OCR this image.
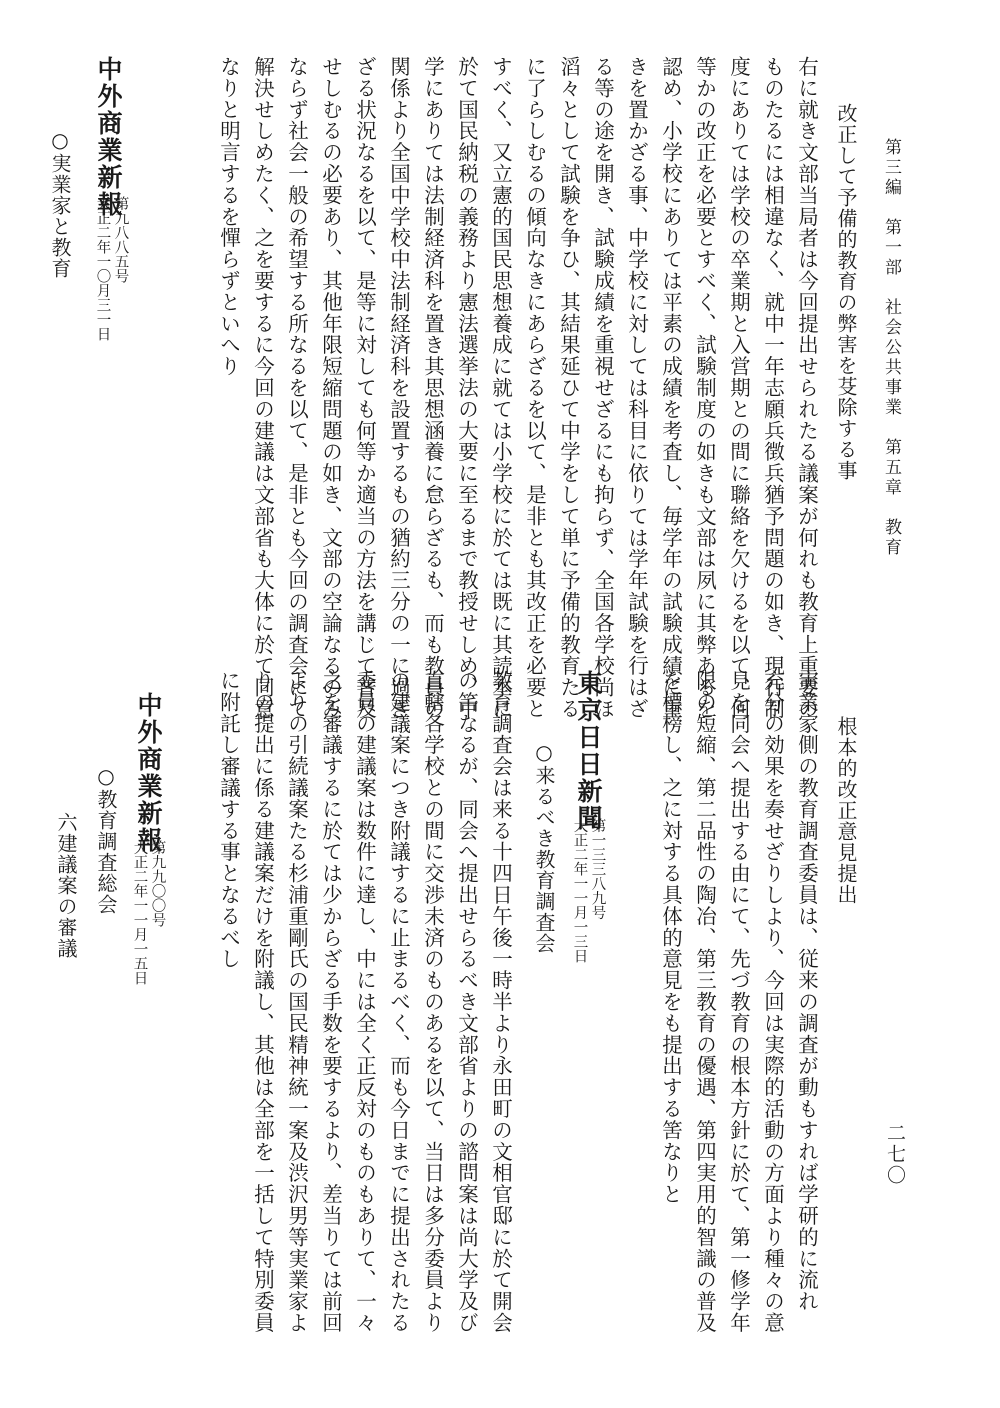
第三編　第一部　社会公共事業　第五章　教育
二七〇
改正して予備的教育の弊害を芟除する事
右に就き文部当局者は今回提出せられたる議案が何れも教育上重要の
ものたるには相違なく、就中一年志願兵徴兵猶予問題の如き、現行制
度にありては学校の卒業期と入営期との間に聯絡を欠けるを以て、何
等かの改正を必要とすべく、試験制度の如きも文部は夙に其弊あるを
認め、小学校にありては平素の成績を考査し、毎学年の試験成績に重
きを置かざる事、中学校に対しては科目に依りては学年試験を行はざ
る等の途を開き、試験成績を重視せざるにも拘らず、全国各学校尚ほ
滔々として試験を争ひ、其結果延ひて中学をして単に予備的教育たる
に了らしむるの傾向なきにあらざるを以て、是非とも其改正を必要と
すべく、又立憲的国民思想養成に就ては小学校に於ては既に其読本に
於て国民納税の義務より憲法選挙法の大要に至るまで教授せしめ、中
学にありては法制経済科を置き其思想涵養に怠らざるも、而も教員の
関係より全国中学校中法制経済科を設置するもの猶約三分の一に過ぎ
ざる状況なるを以て、是等に対しても何等か適当の方法を講じて普及
せしむるの必要あり、其他年限短縮問題の如き、文部の空論なるのみ
ならず社会一般の希望する所なるを以て、是非とも今回の調査会にて
解決せしめたく、之を要するに今回の建議は文部省も大体に於て同意
なりと明言するを憚らずといへり
中外商業新報
第九八八五号
大正二年一〇月三一日
○実業家と教育
根本的改正意見提出
実業家側の教育調査委員は、従来の調査が動もすれば学研的に流れ
充分の効果を奏せざりしより、今回は実際的活動の方面より種々の意
見を同会へ提出する由にて、先づ教育の根本方針に於て、第一修学年
限の短縮、第二品性の陶冶、第三教育の優遇、第四実用的智識の普及
を標榜し、之に対する具体的意見をも提出する筈なりと
東京日日新聞
第一三三八九号
大正二年一一月一三日
○来るべき教育調査会
教育調査会は来る十四日午後一時半より永田町の文相官邸に於て開会
の筈なるが、同会へ提出せらるべき文部省よりの諮問案は尚大学及び
直轄各学校との間に交渉未済のものあるを以て、当日は多分委員より
の建議案につき附議するに止まるべく、而も今日までに提出されたる
委員の建議案は数件に達し、中には全く正反対のものもありて、一々
之を審議するに於ては少からざる手数を要するより、差当りては前回
よりの引続議案たる杉浦重剛氏の国民精神統一案及渋沢男等実業家よ
りの提出に係る建議案だけを附議し、其他は全部を一括して特別委員
に附託し審議する事となるべし
中外商業新報
第九九〇〇号
大正二年一一月一五日
○教育調査総会
六建議案の審議
